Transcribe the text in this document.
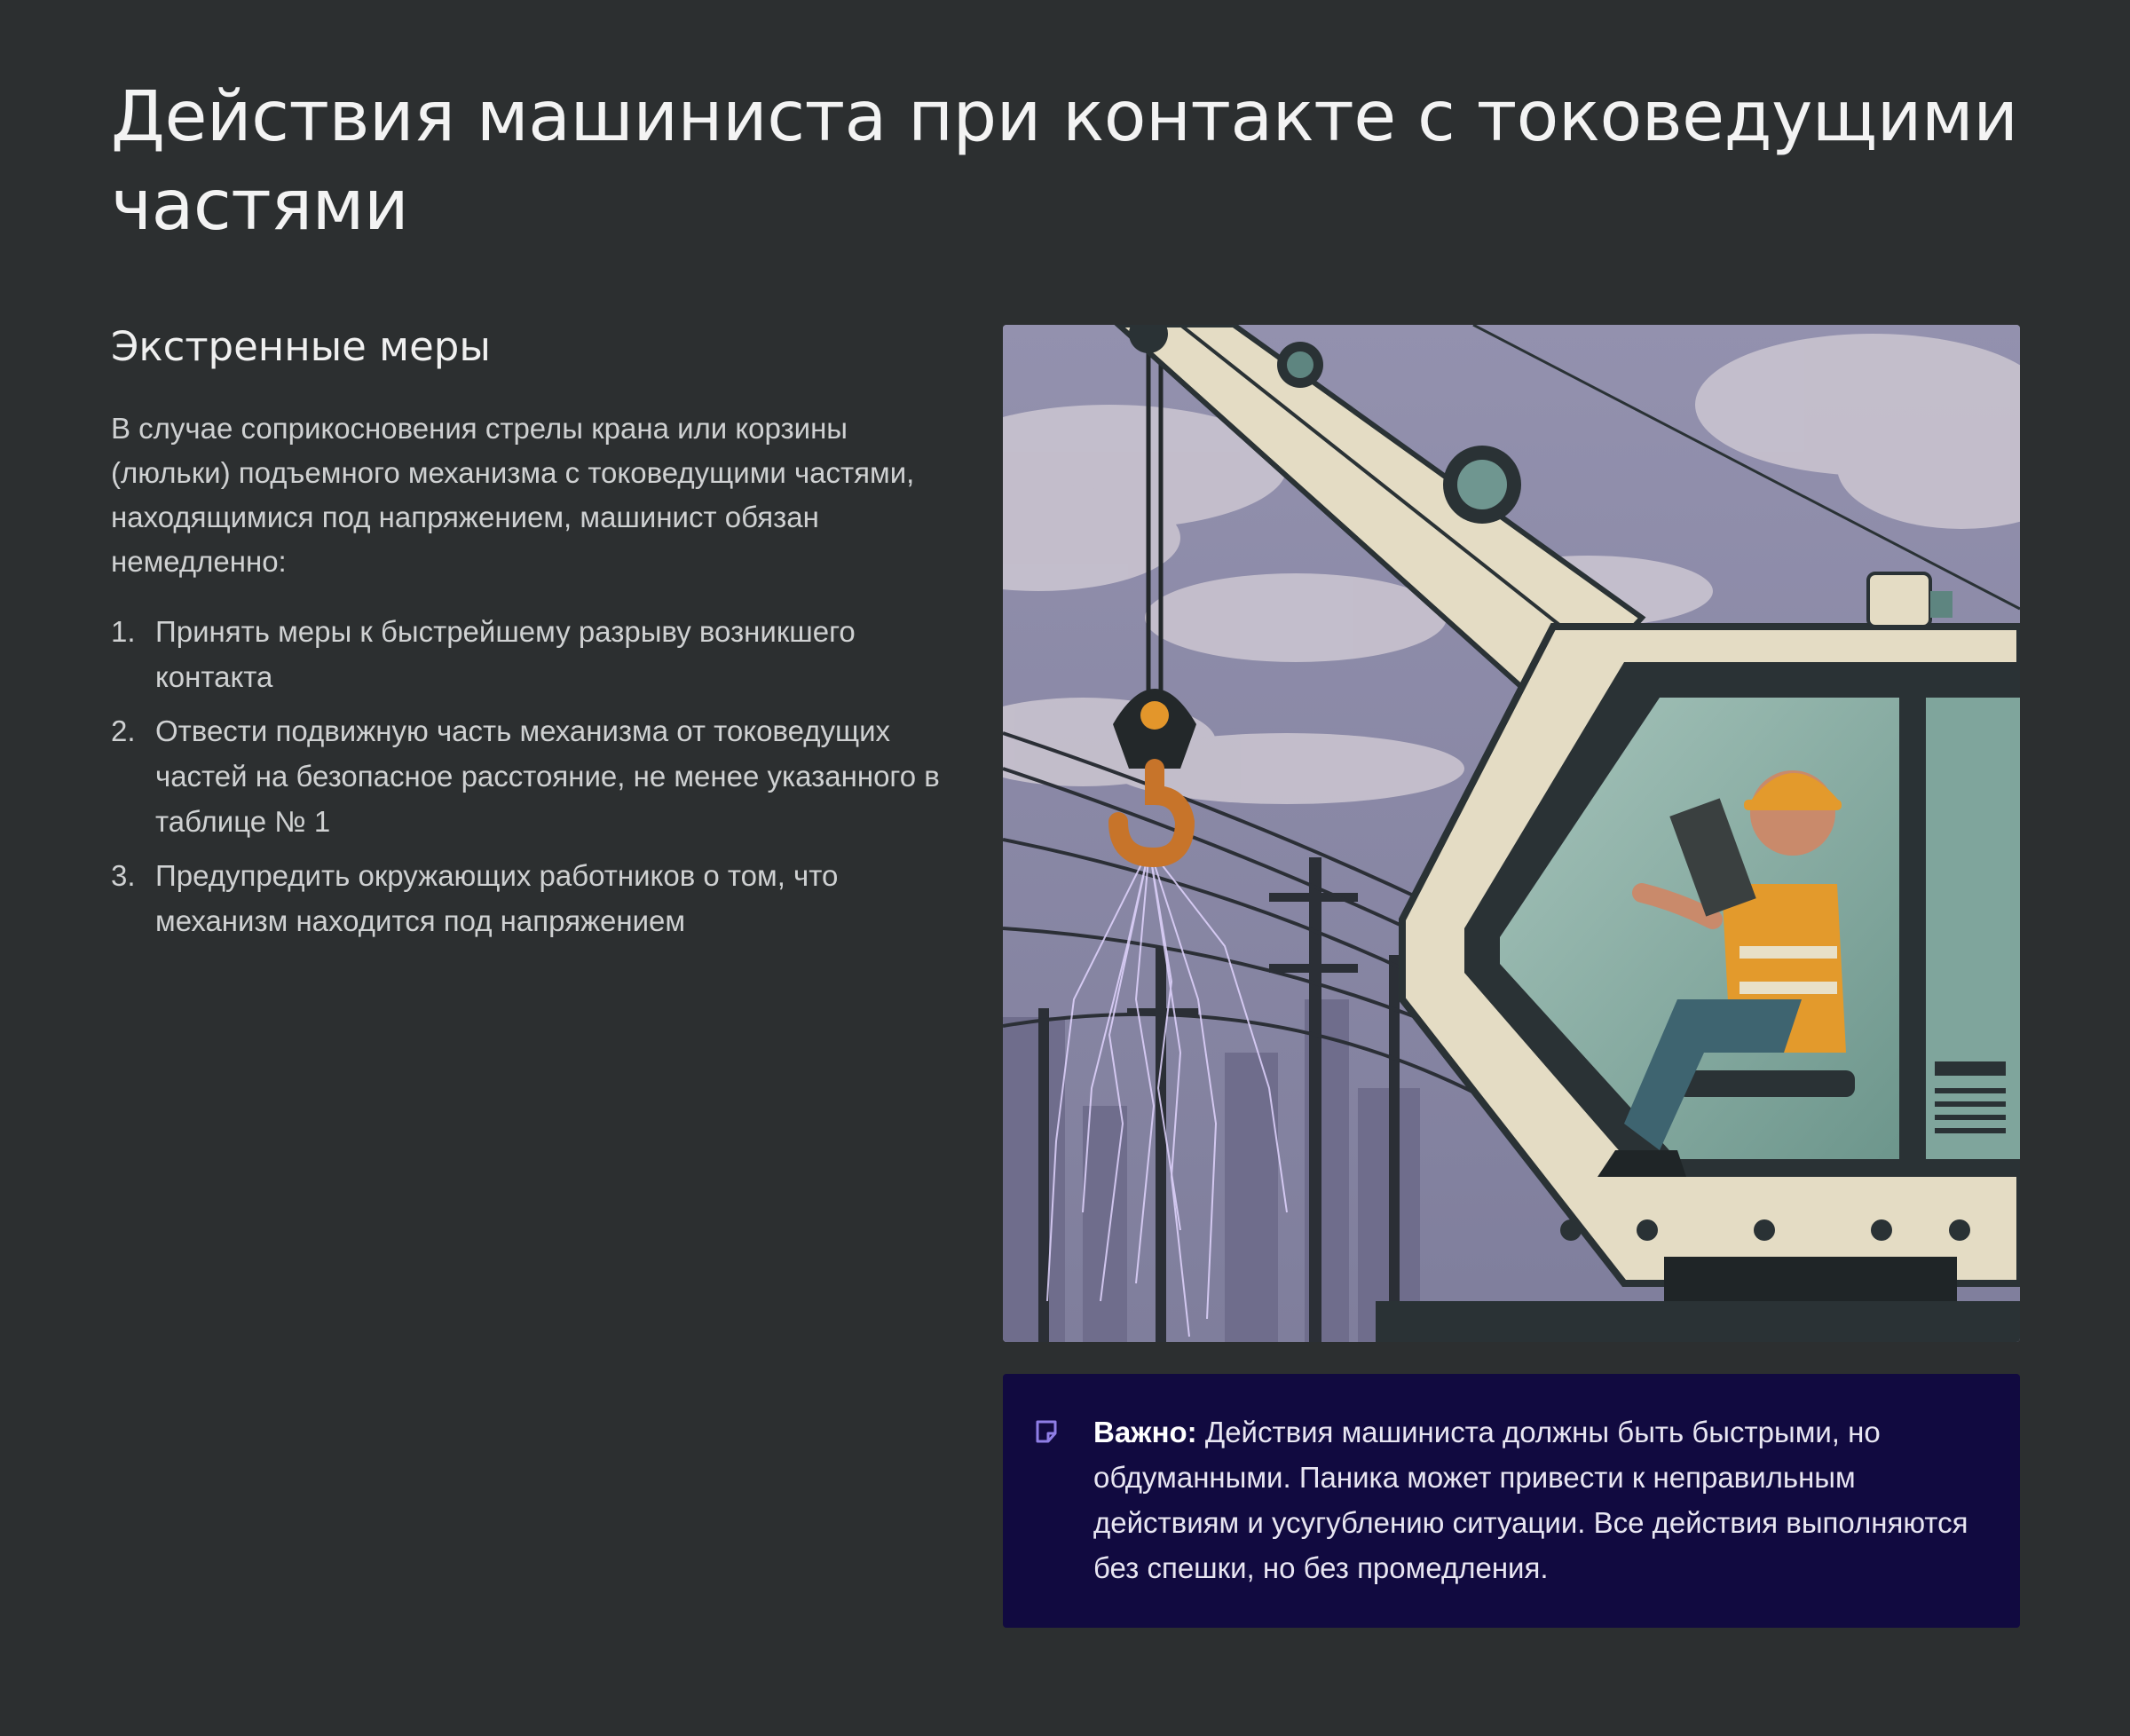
Действия машиниста при контакте с токоведущими частями
Экстренные меры

В случае соприкосновения стрелы крана или корзины (люльки) подъемного механизма с токоведущими частями, находящимися под напряжением, машинист обязан немедленно:

1. Принять меры к быстрейшему разрыву возникшего контакта
2. Отвести подвижную часть механизма от токоведущих частей на безопасное расстояние, не менее указанного в таблице № 1
3. Предупредить окружающих работников о том, что механизм находится под напряжением

Важно: Действия машиниста должны быть быстрыми, но обдуманными. Паника может привести к неправильным действиям и усугублению ситуации. Все действия выполняются без спешки, но без промедления.
